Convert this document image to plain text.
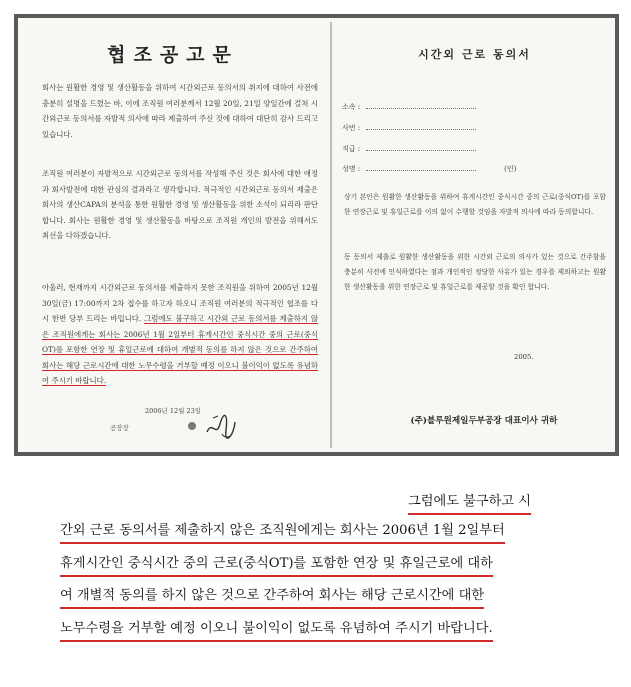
협조공고문

회사는 원활한 경영 및 생산활동을 위하여 시간외근로 동의서의 취지에 대하여 사전에 충분히 설명을 드렸는 바, 이에 조직원 여러분께서 12월 20일, 21일 양일간에 걸쳐 시간외근로 동의서를 자발적 의사에 따라 제출하여 주신 것에 대하여 대단히 감사 드리고 있습니다.

조직원 여러분이 자발적으로 시간외근로 동의서를 작성해 주신 것은 회사에 대한 애정과 회사발전에 대한 관심의 결과라고 생각합니다. 적극적인 시간외근로 동의서 제출은 회사의 생산CAPA의 분석을 통한 원활한 경영 및 생산활동을 위한 소석이 되리라 판단합니다. 회사는 원활한 경영 및 생산활동을 바탕으로 조직원 개인의 발전을 위해서도 최선을 다하겠습니다.

아울러, 현재까지 시간외근로 동의서를 제출하지 못한 조직원을 위하여 2005년 12월 30일(금) 17:00까지 2차 접수를 하고자 하오니 조직원 여러분의 적극적인 협조를 다시 한번 당부 드리는 바입니다. 그럼에도 불구하고 시간외 근로 동의서를 제출하지 않은 조직원에게는 회사는 2006년 1월 2일부터 휴게시간인 중식시간 중의 근로(중식OT)를 포함한 연장 및 휴일근로에 대하여 개별적 동의를 하지 않은 것으로 간주하여 회사는 해당 근로시간에 대한 노무수령을 거부할 예정 이오니 불이익이 없도록 유념하여 주시기 바랍니다.

2006년 12월 23일
공장장
시간외 근로 동의서
소속 :
사번 :
직급 :
성명 :	(인)

상기 본인은 원활한 생산활동을 위하여 휴게시간인 중식시간 중의 근로(중식OT)를 포함한 연장근로 및 휴일근로를 이의 없이 수행할 것임을 자발적 의사에 따라 동의합니다.

동 동의서 제출로 원활한 생산활동을 위한 시간외 근로의 의사가 있는 것으로 간주함을 충분히 사전에 인식하였다는 점과 개인적인 정당한 사유가 있는 경우를 제외하고는 원활한 생산활동을 위한 연장근로 및 휴일근로를 제공할 것을 확인 합니다.

2005.
(주)블루원제일두부공장 대표이사 귀하
그럼에도 불구하고 시
간외 근로 동의서를 제출하지 않은 조직원에게는 회사는 2006년 1월 2일부터
휴게시간인 중식시간 중의 근로(중식OT)를 포함한 연장 및 휴일근로에 대하
여 개별적 동의를 하지 않은 것으로 간주하여 회사는 해당 근로시간에 대한
노무수령을 거부할 예정 이오니 불이익이 없도록 유념하여 주시기 바랍니다.
